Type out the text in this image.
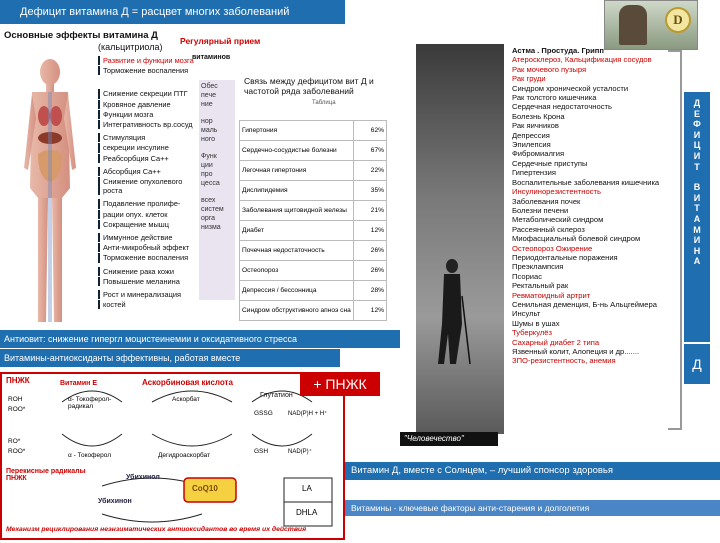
Дефицит витамина Д = расцвет многих заболеваний	D
Основные эффекты витамина Д
(кальцитриола)
Регулярный прием
витаминов
Развитие и функции мозга
Торможение воспаления
Снижение секреции ПТГ
Кровяное давление
Функции мозга
Интегративность вр.сосуд
Стимуляция
секреции инсулине
Реабсорбция Ca++
Абсорбция Ca++
Снижение опухолевого роста
Подавление пролифе-
рации опух. клеток
Сокращение мышц
Иммунное действие
Анти-микробный эффект
Торможение воспаления
Снижение ракa кожи
Повышение меланина
Рост и минерализация
костей
Обес
пече
ние
нор
маль
ного
Функ
ции
про
цесса
всех
систем
орга
низма
Связь между дефицитом вит Д и частотой ряда заболеваний
Таблица
Гипертония	62%
Сердечно-сосудистые болезни	67%
Легочная гипертония	22%
Дислипидемия	35%
Заболевания щитовидной железы	21%
Диабет	12%
Почечная недостаточность	26%
Остеопороз	26%
Депрессия / бессонница	28%
Синдром обструктивного апноэ сна	12%
Антиовит: снижение гипергл моцистеинемии и оксидативного стресса
Витамины-антиоксиданты эффективны, работая вместе
ПНЖК	Витамин Е	Аскорбиновая кислота
Глутатион
ROH
ROO*
α- Токоферол-радикал
Аскорбат
GSSG	NAD(P)H + H⁺
RO*
ROO*
α - Токоферол	Дегидроаскорбат
GSH	NAD(P)⁺
Перекисные радикалы ПНЖК	Убихинол
Убихинон
CoQ10	LA
DHLA
Механизм рециклирования неэнзиматических антиоксидантов во время их действия
+ ПНЖК
"Человечество"
Астма . Простуда. Грипп
Атеросклероз, Кальцификация сосудов
Рак мочевого пузыря
Рак груди
Синдром хронической усталости
Рак толстого кишечника
Сердечная недостаточность
Болезнь Крона
Рак яичников
Депрессия
Эпилепсия
Фибромиалгия
Сердечные приступы
Гипертензия
Воспалительные заболевания кишечника
Инсулинорезистентность
Заболевания почек
Болезни печени
Метаболический синдром
Рассеянный склероз
Миофасциальный болевой синдром
Остеопороз Ожирение
Периодонтальные поражения
Преэклампсия
Псориас
Ректальный рак
Ревматоидный артрит
Сенильная деменция, Б-нь Альцгеймера
Инсульт
Шумы в ушах
Туберкулёз
Сахарный диабет 2 типа
Язвенный колит, Алопеция и др.......
ЗПО-резистентность, анемия
Д
Е
Ф
И
Ц
И
Т
В
И
Т
А
М
И
Н
А
Д
Витамин Д, вместе с Солнцем, – лучший спонсор здоровья
Витамины - ключевые факторы анти-старения и долголетия
